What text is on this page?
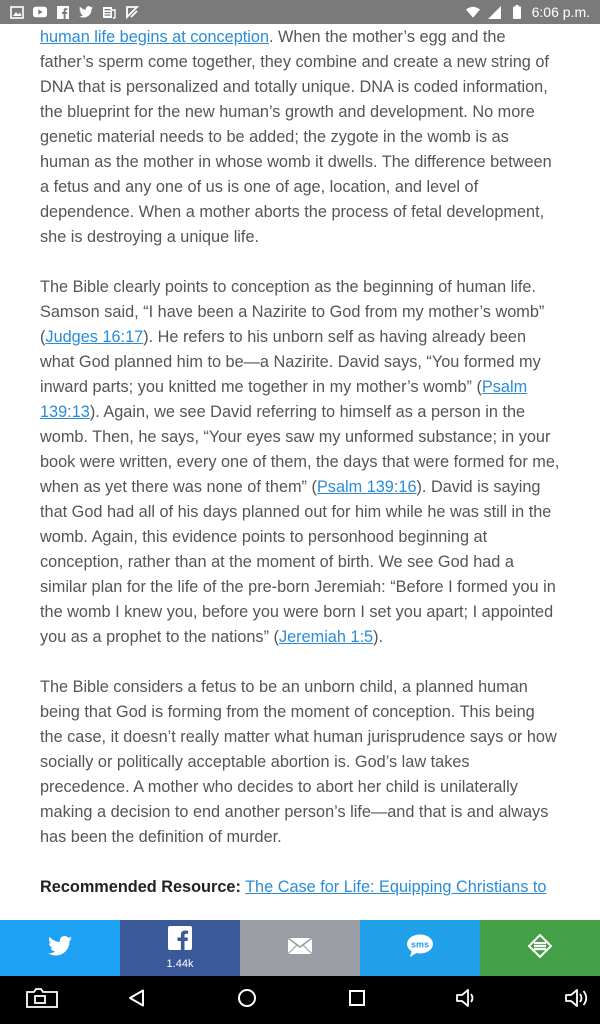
6:06 p.m.

human life begins at conception. When the mother’s egg and the father’s sperm come together, they combine and create a new string of DNA that is personalized and totally unique. DNA is coded information, the blueprint for the new human’s growth and development. No more genetic material needs to be added; the zygote in the womb is as human as the mother in whose womb it dwells. The difference between a fetus and any one of us is one of age, location, and level of dependence. When a mother aborts the process of fetal development, she is destroying a unique life.

The Bible clearly points to conception as the beginning of human life. Samson said, “I have been a Nazirite to God from my mother’s womb” (Judges 16:17). He refers to his unborn self as having already been what God planned him to be—a Nazirite. David says, “You formed my inward parts; you knitted me together in my mother’s womb” (Psalm 139:13). Again, we see David referring to himself as a person in the womb. Then, he says, “Your eyes saw my unformed substance; in your book were written, every one of them, the days that were formed for me, when as yet there was none of them” (Psalm 139:16). David is saying that God had all of his days planned out for him while he was still in the womb. Again, this evidence points to personhood beginning at conception, rather than at the moment of birth. We see God had a similar plan for the life of the pre-born Jeremiah: “Before I formed you in the womb I knew you, before you were born I set you apart; I appointed you as a prophet to the nations” (Jeremiah 1:5).

The Bible considers a fetus to be an unborn child, a planned human being that God is forming from the moment of conception. This being the case, it doesn’t really matter what human jurisprudence says or how socially or politically acceptable abortion is. God’s law takes precedence. A mother who decides to abort her child is unilaterally making a decision to end another person’s life—and that is and always has been the definition of murder.

Recommended Resource: The Case for Life: Equipping Christians to

1.44k
sms
